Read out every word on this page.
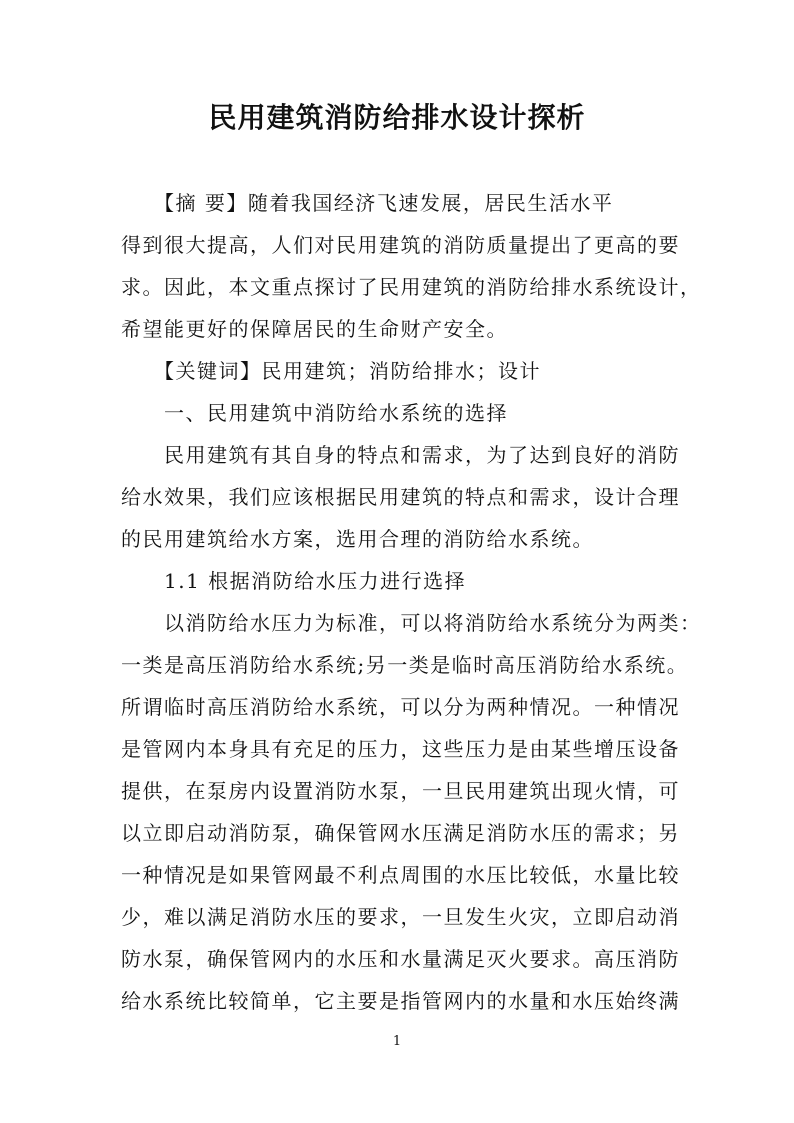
民用建筑消防给排水设计探析
　　【摘 要】随着我国经济飞速发展，居民生活水平
得到很大提高，人们对民用建筑的消防质量提出了更高的要
求。因此，本文重点探讨了民用建筑的消防给排水系统设计，
希望能更好的保障居民的生命财产安全。
　　【关键词】民用建筑；消防给排水；设计
　　一、民用建筑中消防给水系统的选择
　　民用建筑有其自身的特点和需求，为了达到良好的消防
给水效果，我们应该根据民用建筑的特点和需求，设计合理
的民用建筑给水方案，选用合理的消防给水系统。
　　1.1 根据消防给水压力进行选择
　　以消防给水压力为标准，可以将消防给水系统分为两类：
一类是高压消防给水系统;另一类是临时高压消防给水系统。
所谓临时高压消防给水系统，可以分为两种情况。一种情况
是管网内本身具有充足的压力，这些压力是由某些增压设备
提供，在泵房内设置消防水泵，一旦民用建筑出现火情，可
以立即启动消防泵，确保管网水压满足消防水压的需求；另
一种情况是如果管网最不利点周围的水压比较低，水量比较
少，难以满足消防水压的要求，一旦发生火灾，立即启动消
防水泵，确保管网内的水压和水量满足灭火要求。高压消防
给水系统比较简单，它主要是指管网内的水量和水压始终满
1
